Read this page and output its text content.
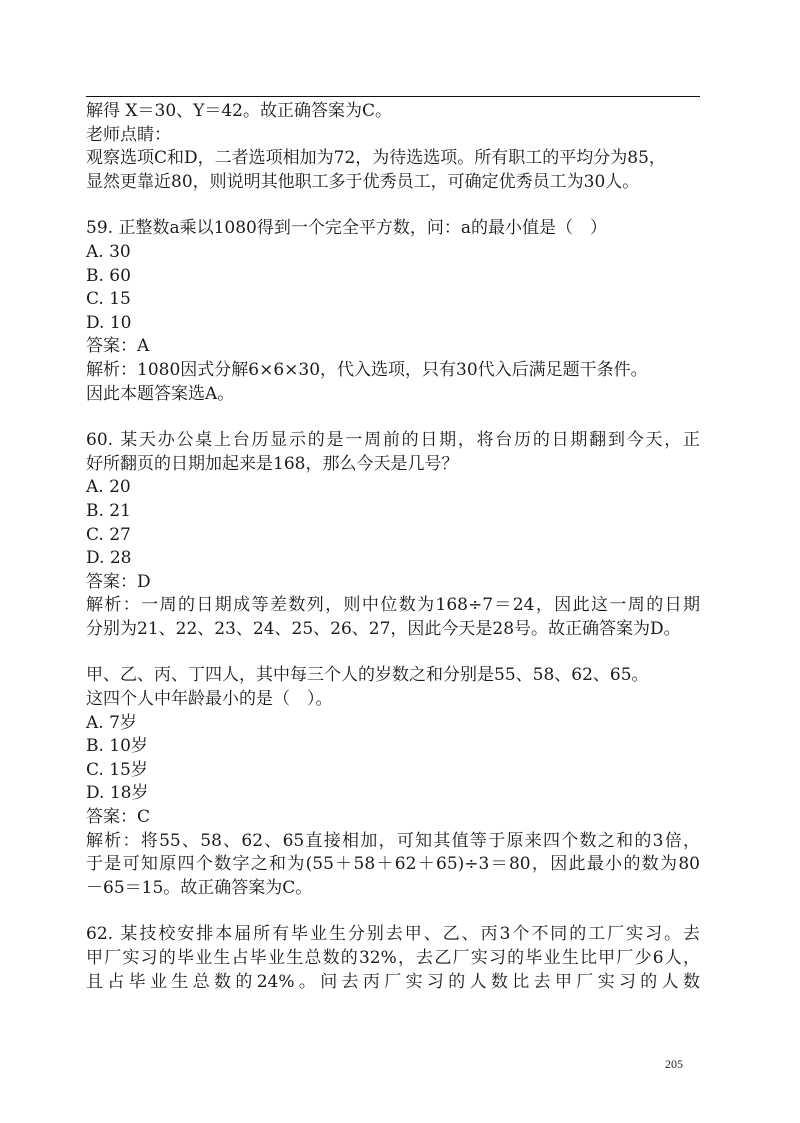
解得 X＝30、Y＝42。故正确答案为C。
老师点睛：
观察选项C和D，二者选项相加为72，为待选选项。所有职工的平均分为85，
显然更靠近80，则说明其他职工多于优秀员工，可确定优秀员工为30人。
59. 正整数a乘以1080得到一个完全平方数，问：a的最小值是（　）
A. 30
B. 60
C. 15
D. 10
答案：A
解析：1080因式分解6×6×30，代入选项，只有30代入后满足题干条件。
因此本题答案选A。
60. 某天办公桌上台历显示的是一周前的日期，将台历的日期翻到今天，正
好所翻页的日期加起来是168，那么今天是几号？
A. 20
B. 21
C. 27
D. 28
答案：D
解析：一周的日期成等差数列，则中位数为168÷7＝24，因此这一周的日期
分别为21、22、23、24、25、26、27，因此今天是28号。故正确答案为D。
甲、乙、丙、丁四人，其中每三个人的岁数之和分别是55、58、62、65。
这四个人中年龄最小的是（　）。
A. 7岁
B. 10岁
C. 15岁
D. 18岁
答案：C
解析：将55、58、62、65直接相加，可知其值等于原来四个数之和的3倍，
于是可知原四个数字之和为(55＋58＋62＋65)÷3＝80，因此最小的数为80
－65＝15。故正确答案为C。
62. 某技校安排本届所有毕业生分别去甲、乙、丙3个不同的工厂实习。去
甲厂实习的毕业生占毕业生总数的32%，去乙厂实习的毕业生比甲厂少6人，
且占毕业生总数的24%。问去丙厂实习的人数比去甲厂实习的人数
205
